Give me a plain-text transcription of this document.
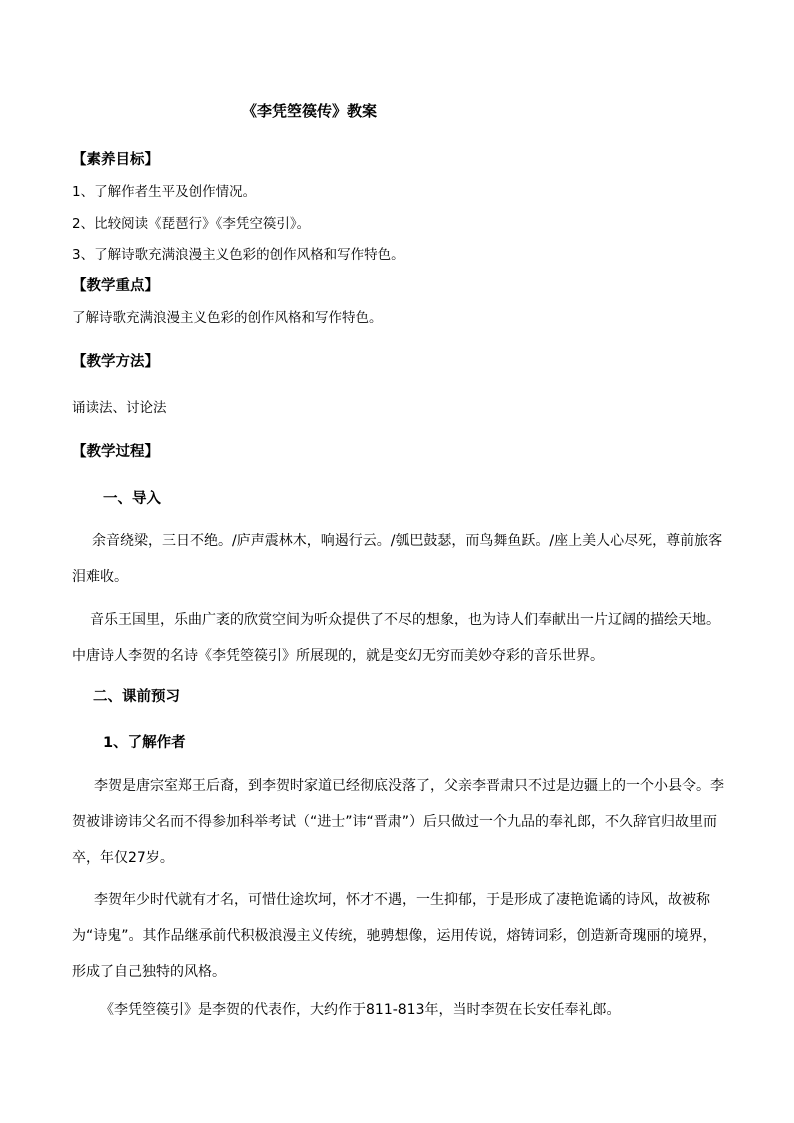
《李凭箜篌传》教案
【素养目标】
1、了解作者生平及创作情况。
2、比较阅读《琵琶行》《李凭空篌引》。
3、了解诗歌充满浪漫主义色彩的创作风格和写作特色。
【教学重点】
了解诗歌充满浪漫主义色彩的创作风格和写作特色。
【教学方法】
诵读法、讨论法
【教学过程】
一、导入
余音绕梁，三日不绝。/庐声震林木，响遏行云。/瓠巴鼓瑟，而鸟舞鱼跃。/座上美人心尽死，尊前旅客泪难收。
音乐王国里，乐曲广袤的欣赏空间为听众提供了不尽的想象，也为诗人们奉献出一片辽阔的描绘天地。中唐诗人李贺的名诗《李凭箜篌引》所展现的，就是变幻无穷而美妙夺彩的音乐世界。
二、课前预习
1、了解作者
李贺是唐宗室郑王后裔，到李贺时家道已经彻底没落了，父亲李晋肃只不过是边疆上的一个小县令。李贺被诽谤讳父名而不得参加科举考试（“进士”讳“晋肃”）后只做过一个九品的奉礼郎，不久辞官归故里而卒，年仅27岁。
李贺年少时代就有才名，可惜仕途坎坷，怀才不遇，一生抑郁，于是形成了凄艳诡谲的诗风，故被称为“诗鬼”。其作品继承前代积极浪漫主义传统，驰骋想像，运用传说，熔铸词彩，创造新奇瑰丽的境界，形成了自己独特的风格。
《李凭箜篌引》是李贺的代表作，大约作于811-813年，当时李贺在长安任奉礼郎。
